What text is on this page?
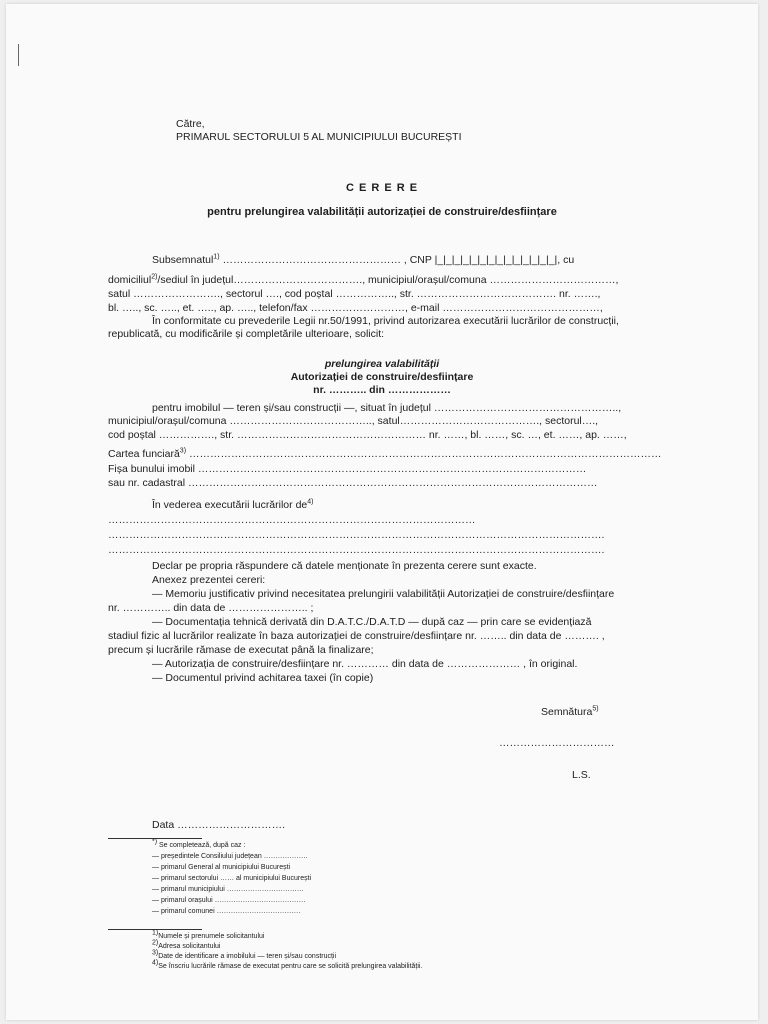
Către,
PRIMARUL SECTORULUI 5 AL MUNICIPIULUI BUCUREȘTI
C E R E R E
pentru prelungirea valabilității autorizației de construire/desființare
Subsemnatul$^{1)}$ …………………………………………… , CNP |_|_|_|_|_|_|_|_|_|_|_|_|_|_|, cu
domiciliul$^{2)}$/sediul în județul………………………………., municipiul/orașul/comuna ………………………………,
satul ……………………., sectorul …., cod poștal …………….., str. …………………………………. nr. …….,
bl. ….., sc. ….., et. ….., ap. ….., telefon/fax ………………………, e-mail ………………………………………,
În conformitate cu prevederile Legii nr.50/1991, privind autorizarea executării lucrărilor de construcții,
republicată, cu modificările și completările ulterioare, solicit:
prelungirea valabilității
Autorizației de construire/desființare
nr. ……….. din ………………
pentru imobilul — teren și/sau construcții —, situat în județul ……………………………………………..,
municipiul/orașul/comuna ………………………………….., satul…………………………………., sectorul….,
cod poștal ……………., str. ……………………………………………… nr. ……, bl. ……, sc. …, et. ……, ap. ……,
Cartea funciară$^{3)}$ ………………………………………………………………………………………………………………………
Fișa bunului imobil …………………………………………………………………………………………………
sau nr. cadastral ………………………………………………………………………………………………………
În vederea executării lucrărilor $de^{4)}$
……………………………………………………………………………………………
…………………………………………………………………………………………………………………………….
…………………………………………………………………………………………………………………………….
Declar pe propria răspundere că datele menționate în prezenta cerere sunt exacte.
Anexez prezentei cereri:
— Memoriu justificativ privind necesitatea prelungirii valabilității Autorizației de construire/desființare
nr. ………….. din data de ………………….. ;
— Documentația tehnică derivată din D.A.T.C./D.A.T.D — după caz — prin care se evidențiază
stadiul fizic al lucrărilor realizate în baza autorizației de construire/desființare nr. …….. din data de ………. ,
precum și lucrările rămase de executat până la finalizare;
— Autorizația de construire/desființare nr. ………… din data de ………………… , în original.
— Documentul privind achitarea taxei (în copie)
Semnătura$^{5)}$
……………………………
L.S.
Data ………………………….
*) Se completează, după caz :
— președintele Consiliului județean ……………….
— primarul General al municipiului București
— primarul sectorului …… al municipiului București
— primarul municipiului ……………………………
— primarul orașului …………………………………
— primarul comunei ………………………………
$^{1)}$Numele și prenumele solicitantului
$^{2)}$Adresa solicitantului
$^{3)}$Date de identificare a imobilului — teren și/sau construcții
$^{4)}$Se înscriu lucrările rămase de executat pentru care se solicită prelungirea valabilității.
